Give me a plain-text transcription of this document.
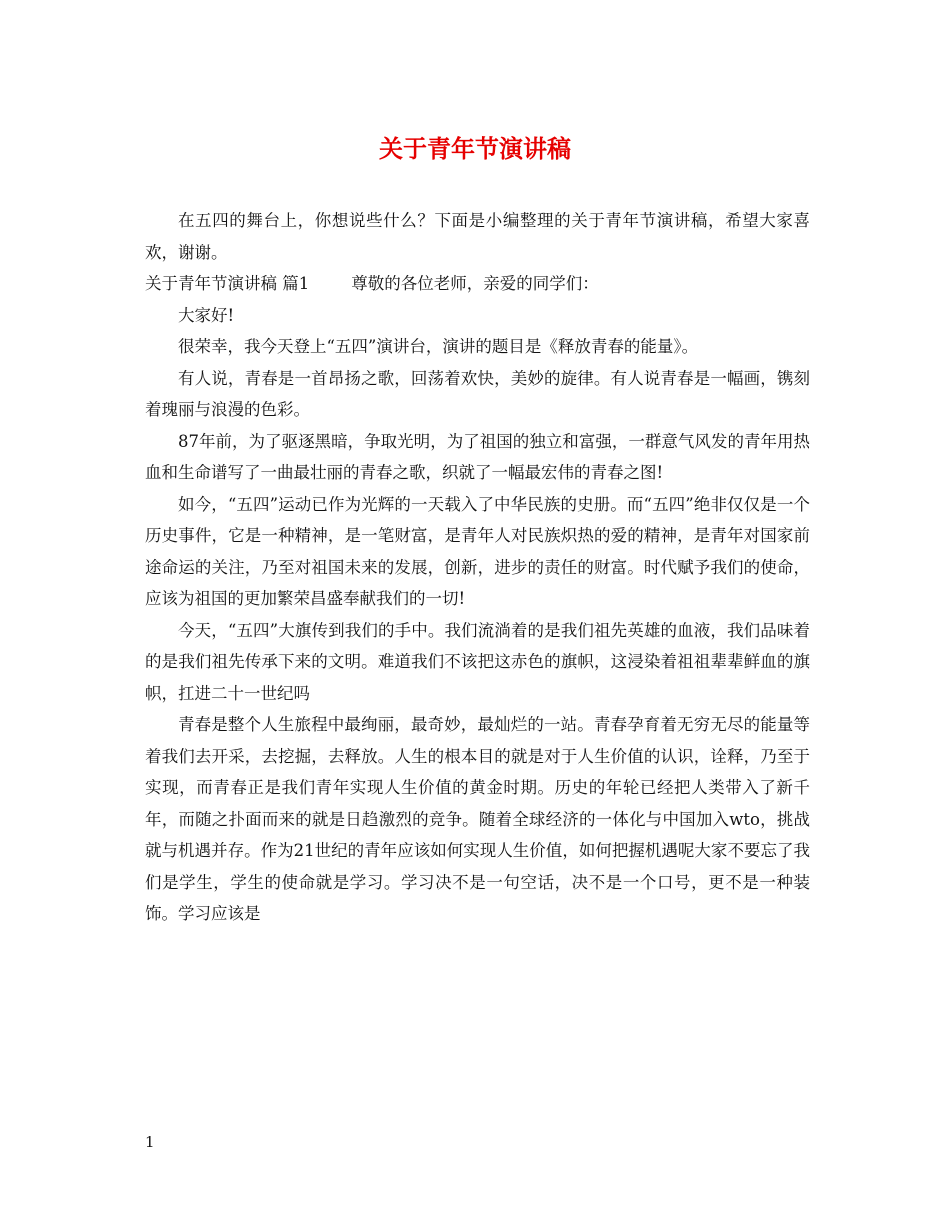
关于青年节演讲稿

在五四的舞台上，你想说些什么？下面是小编整理的关于青年节演讲稿，希望大家喜欢，谢谢。

关于青年节演讲稿 篇1	尊敬的各位老师，亲爱的同学们：

大家好!

很荣幸，我今天登上“五四”演讲台，演讲的题目是《释放青春的能量》。

有人说，青春是一首昂扬之歌，回荡着欢快，美妙的旋律。有人说青春是一幅画，镌刻着瑰丽与浪漫的色彩。

87年前，为了驱逐黑暗，争取光明，为了祖国的独立和富强，一群意气风发的青年用热血和生命谱写了一曲最壮丽的青春之歌，织就了一幅最宏伟的青春之图!

如今，“五四”运动已作为光辉的一天载入了中华民族的史册。而“五四”绝非仅仅是一个历史事件，它是一种精神，是一笔财富，是青年人对民族炽热的爱的精神，是青年对国家前途命运的关注，乃至对祖国未来的发展，创新，进步的责任的财富。时代赋予我们的使命，应该为祖国的更加繁荣昌盛奉献我们的一切!

今天，“五四”大旗传到我们的手中。我们流淌着的是我们祖先英雄的血液，我们品味着的是我们祖先传承下来的文明。难道我们不该把这赤色的旗帜，这浸染着祖祖辈辈鲜血的旗帜，扛进二十一世纪吗

青春是整个人生旅程中最绚丽，最奇妙，最灿烂的一站。青春孕育着无穷无尽的能量等着我们去开采，去挖掘，去释放。人生的根本目的就是对于人生价值的认识，诠释，乃至于实现，而青春正是我们青年实现人生价值的黄金时期。历史的年轮已经把人类带入了新千年，而随之扑面而来的就是日趋激烈的竞争。随着全球经济的一体化与中国加入wto，挑战就与机遇并存。作为21世纪的青年应该如何实现人生价值，如何把握机遇呢大家不要忘了我们是学生，学生的使命就是学习。学习决不是一句空话，决不是一个口号，更不是一种装饰。学习应该是

1
